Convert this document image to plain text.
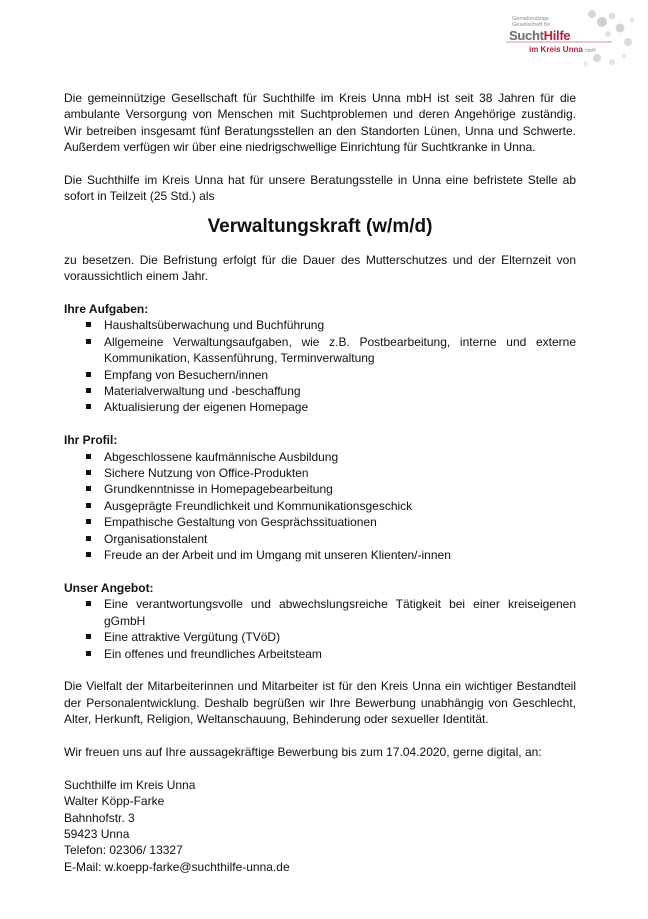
Gemeinnützige
Gesellschaft für
SuchtHilfe
im Kreis Unna mbH

Die gemeinnützige Gesellschaft für Suchthilfe im Kreis Unna mbH ist seit 38 Jahren für die ambulante Versorgung von Menschen mit Suchtproblemen und deren Angehörige zuständig. Wir betreiben insgesamt fünf Beratungsstellen an den Standorten Lünen, Unna und Schwerte. Außerdem verfügen wir über eine niedrigschwellige Einrichtung für Suchtkranke in Unna.

Die Suchthilfe im Kreis Unna hat für unsere Beratungsstelle in Unna eine befristete Stelle ab sofort in Teilzeit (25 Std.) als

Verwaltungskraft (w/m/d)

zu besetzen. Die Befristung erfolgt für die Dauer des Mutterschutzes und der Elternzeit von voraussichtlich einem Jahr.

Ihre Aufgaben:
Haushaltsüberwachung und Buchführung
Allgemeine Verwaltungsaufgaben, wie z.B. Postbearbeitung, interne und externe Kommunikation, Kassenführung, Terminverwaltung
Empfang von Besuchern/innen
Materialverwaltung und -beschaffung
Aktualisierung der eigenen Homepage
Ihr Profil:
Abgeschlossene kaufmännische Ausbildung
Sichere Nutzung von Office-Produkten
Grundkenntnisse in Homepagebearbeitung
Ausgeprägte Freundlichkeit und Kommunikationsgeschick
Empathische Gestaltung von Gesprächssituationen
Organisationstalent
Freude an der Arbeit und im Umgang mit unseren Klienten/-innen
Unser Angebot:
Eine verantwortungsvolle und abwechslungsreiche Tätigkeit bei einer kreiseigenen gGmbH
Eine attraktive Vergütung (TVöD)
Ein offenes und freundliches Arbeitsteam

Die Vielfalt der Mitarbeiterinnen und Mitarbeiter ist für den Kreis Unna ein wichtiger Bestandteil der Personalentwicklung. Deshalb begrüßen wir Ihre Bewerbung unabhängig von Geschlecht, Alter, Herkunft, Religion, Weltanschauung, Behinderung oder sexueller Identität.

Wir freuen uns auf Ihre aussagekräftige Bewerbung bis zum 17.04.2020, gerne digital, an:

Suchthilfe im Kreis Unna
Walter Köpp-Farke
Bahnhofstr. 3
59423 Unna
Telefon: 02306/ 13327
E-Mail: w.koepp-farke@suchthilfe-unna.de
